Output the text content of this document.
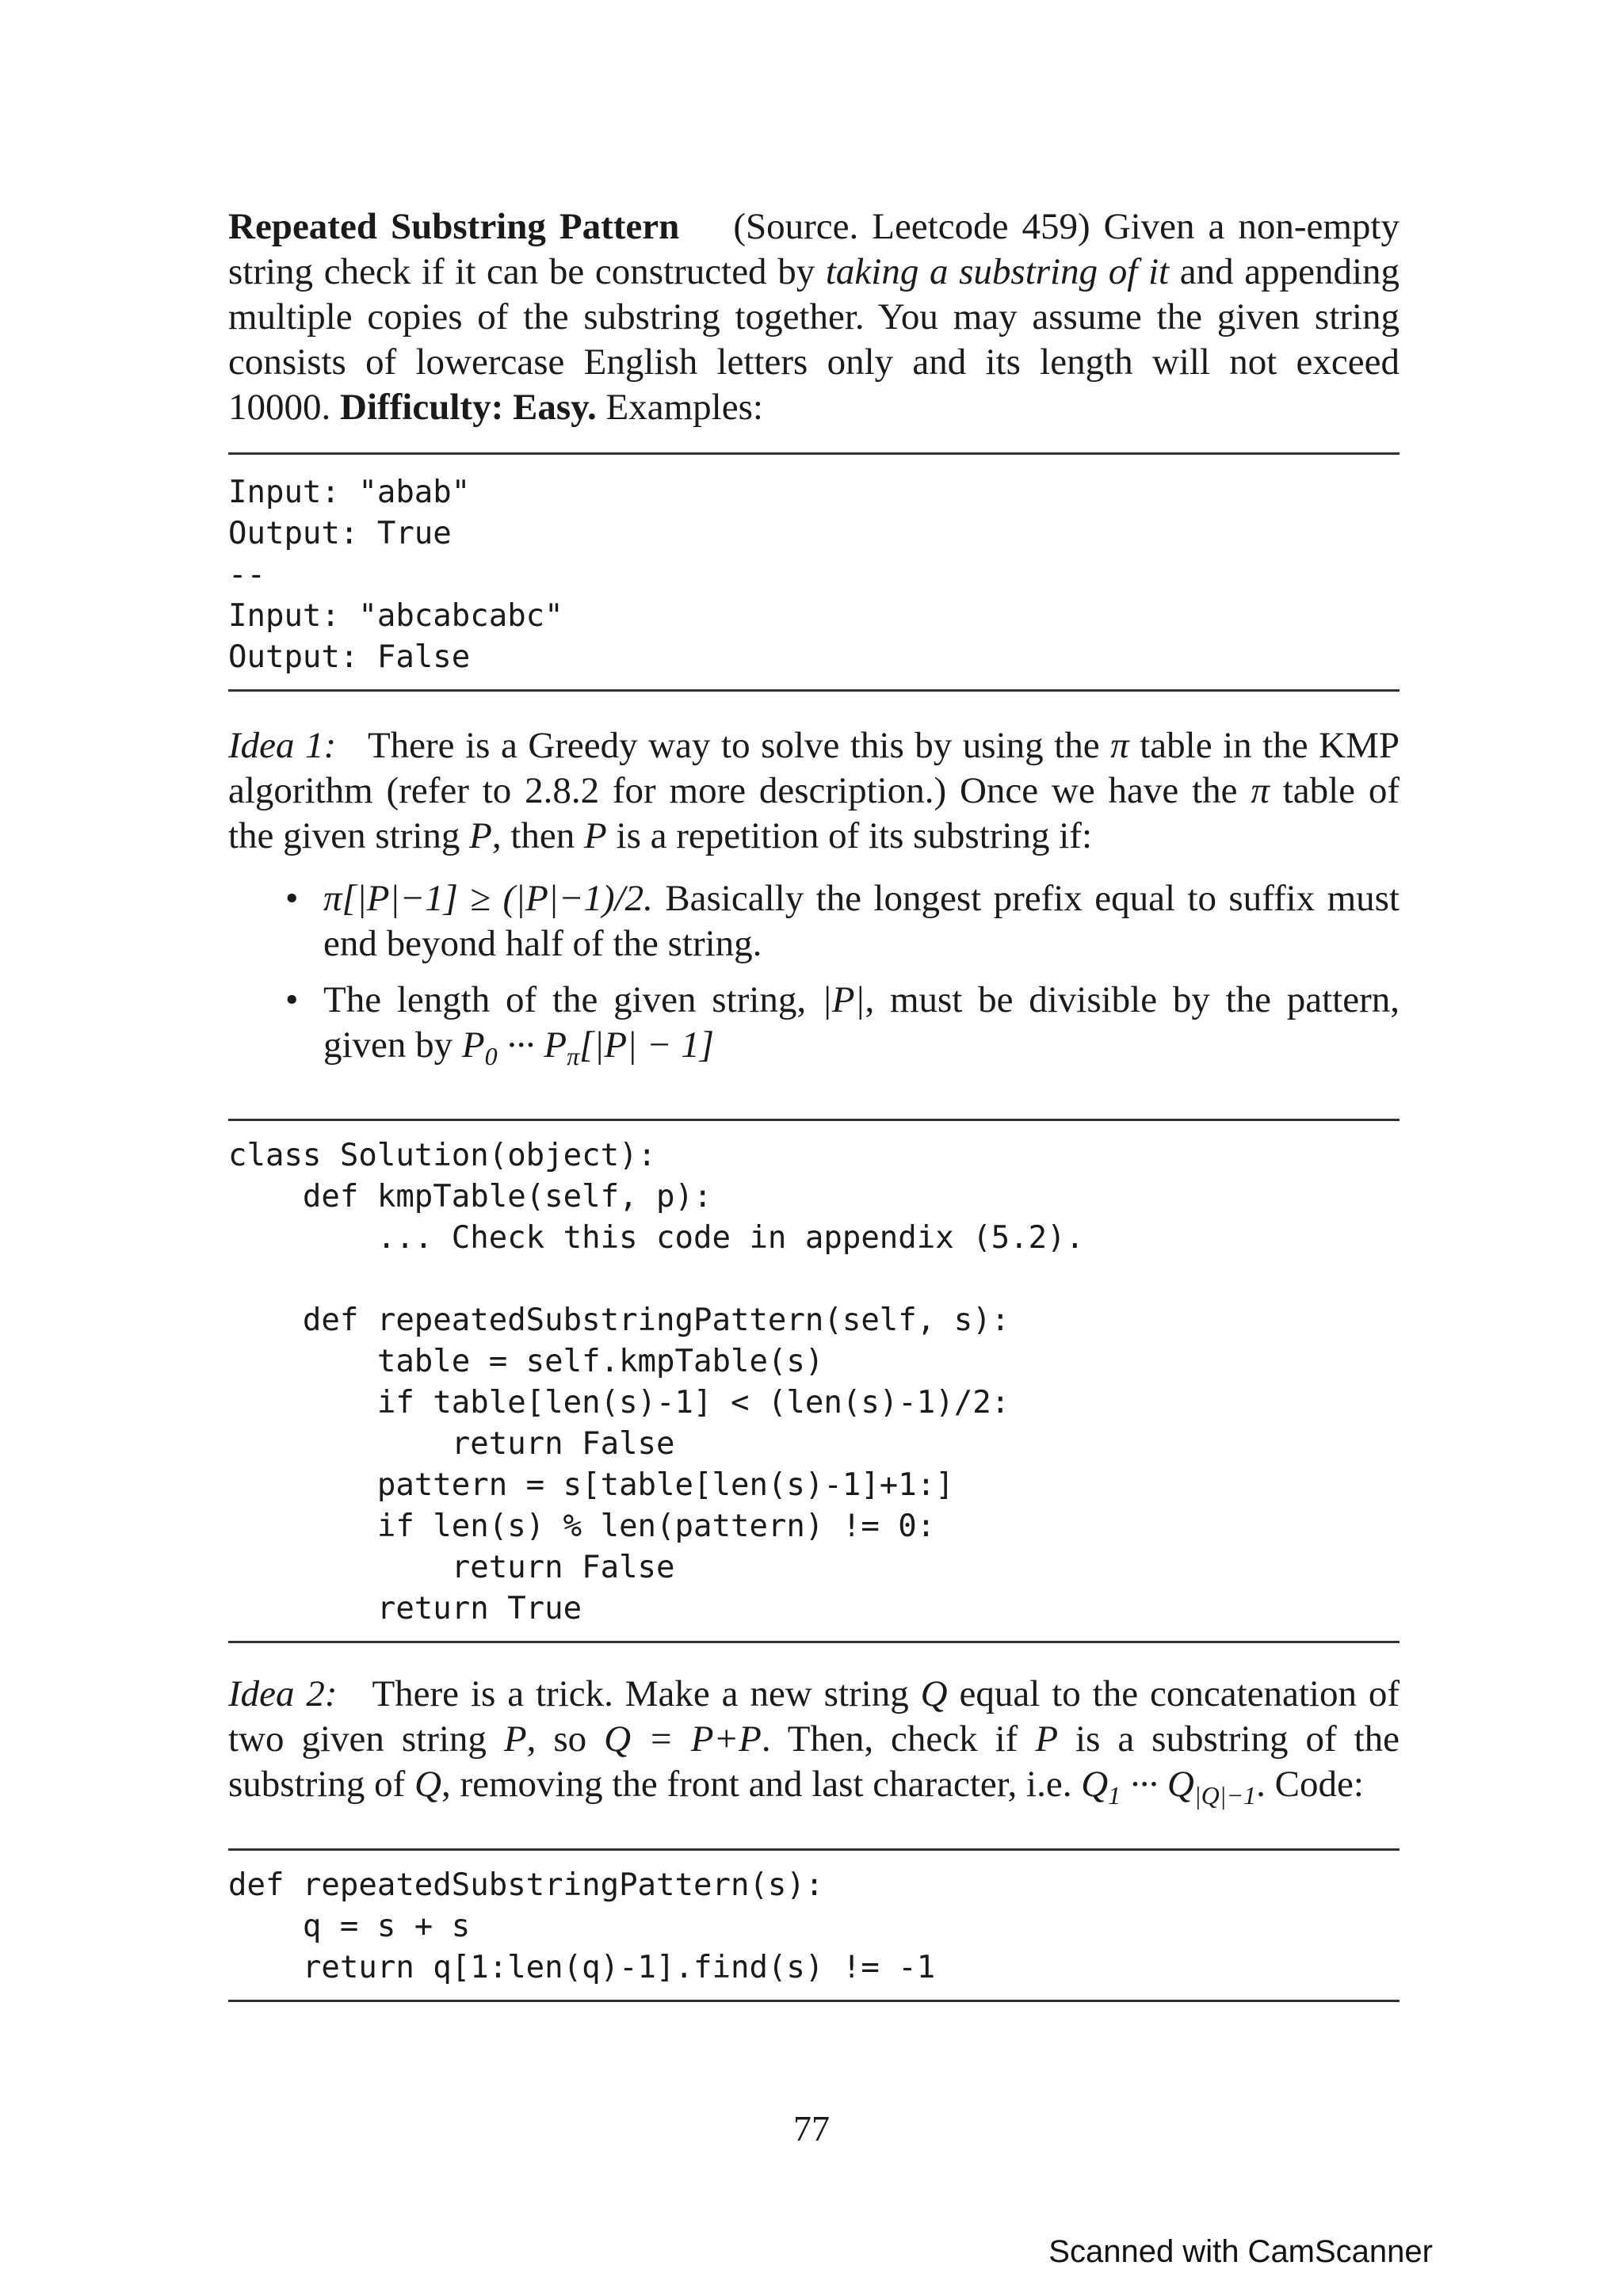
Repeated Substring Pattern (Source. Leetcode 459) Given a non-empty string check if it can be constructed by taking a substring of it and appending multiple copies of the substring together. You may assume the given string consists of lowercase English letters only and its length will not exceed 10000. Difficulty: Easy. Examples:

Input: "abab"
Output: True
--
Input: "abcabcabc"
Output: False

Idea 1: There is a Greedy way to solve this by using the π table in the KMP algorithm (refer to 2.8.2 for more description.) Once we have the π table of the given string P, then P is a repetition of its substring if:

• π[|P|−1] ≥ (|P|−1)/2. Basically the longest prefix equal to suffix must end beyond half of the string.
• The length of the given string, |P|, must be divisible by the pattern, given by $P_0$ ··· $P_\pi[|P| - 1]$
class Solution(object):
def kmpTable(self, p):
... Check this code in appendix (5.2).

def repeatedSubstringPattern(self, s):
table = self.kmpTable(s)
if table[len(s)-1] < (len(s)-1)/2:
return False
pattern = s[table[len(s)-1]+1:]
if len(s) % len(pattern) != 0:
return False
return True

Idea 2: There is a trick. Make a new string Q equal to the concatenation of two given string P, so Q = P+P. Then, check if P is a substring of the substring of Q, removing the front and last character, i.e. $Q_1$ ··· $Q_{|Q|-1}$. Code:

def repeatedSubstringPattern(s):
q = s + s
return q[1:len(q)-1].find(s) != -1
77
Scanned with CamScanner
